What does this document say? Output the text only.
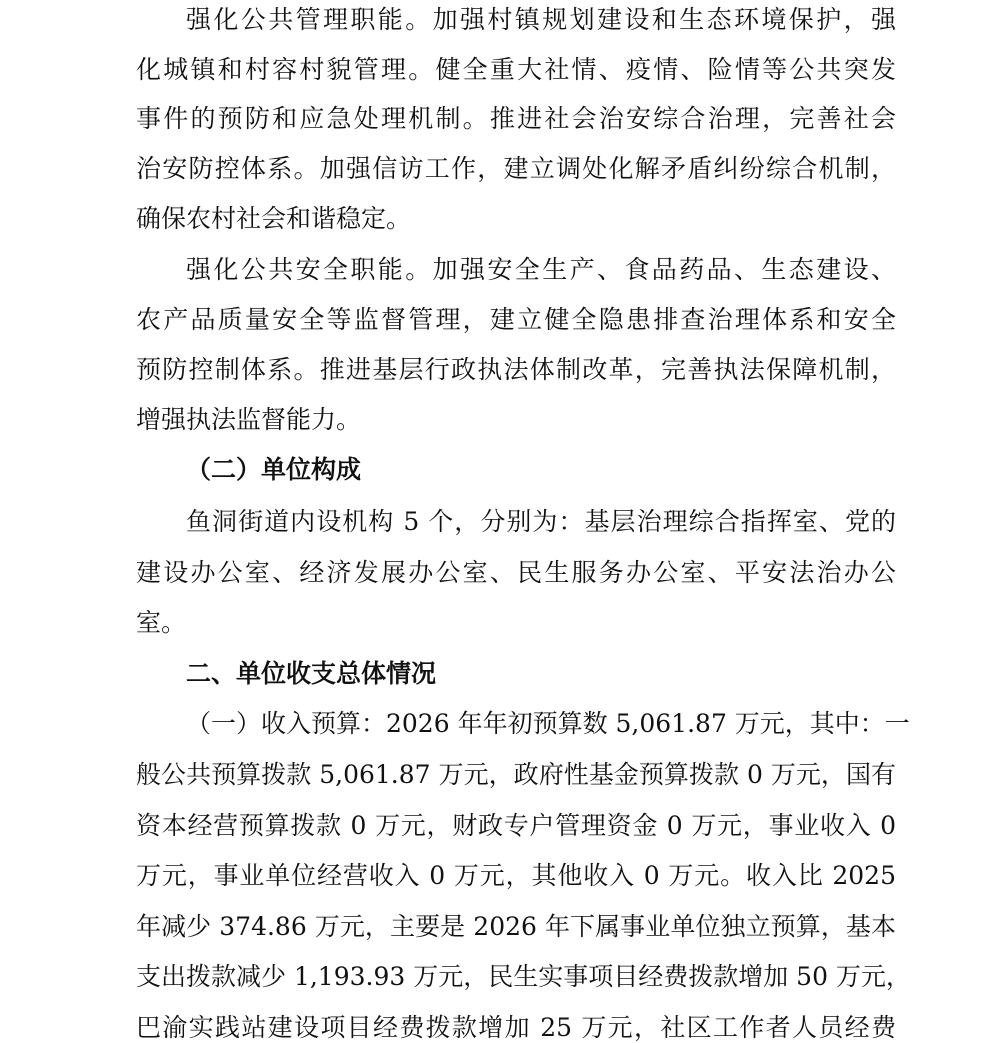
强化公共管理职能。加强村镇规划建设和生态环境保护，强
化城镇和村容村貌管理。健全重大社情、疫情、险情等公共突发
事件的预防和应急处理机制。推进社会治安综合治理，完善社会
治安防控体系。加强信访工作，建立调处化解矛盾纠纷综合机制，
确保农村社会和谐稳定。
强化公共安全职能。加强安全生产、食品药品、生态建设、
农产品质量安全等监督管理，建立健全隐患排查治理体系和安全
预防控制体系。推进基层行政执法体制改革，完善执法保障机制，
增强执法监督能力。
（二）单位构成
鱼洞街道内设机构 5 个，分别为：基层治理综合指挥室、党的
建设办公室、经济发展办公室、民生服务办公室、平安法治办公
室。
二、单位收支总体情况
（一）收入预算：2026 年年初预算数 5,061.87 万元，其中：一
般公共预算拨款 5,061.87 万元，政府性基金预算拨款 0 万元，国有
资本经营预算拨款 0 万元，财政专户管理资金 0 万元，事业收入 0
万元，事业单位经营收入 0 万元，其他收入 0 万元。收入比 2025
年减少 374.86 万元，主要是 2026 年下属事业单位独立预算，基本
支出拨款减少 1,193.93 万元，民生实事项目经费拨款增加 50 万元，
巴渝实践站建设项目经费拨款增加 25 万元，社区工作者人员经费
